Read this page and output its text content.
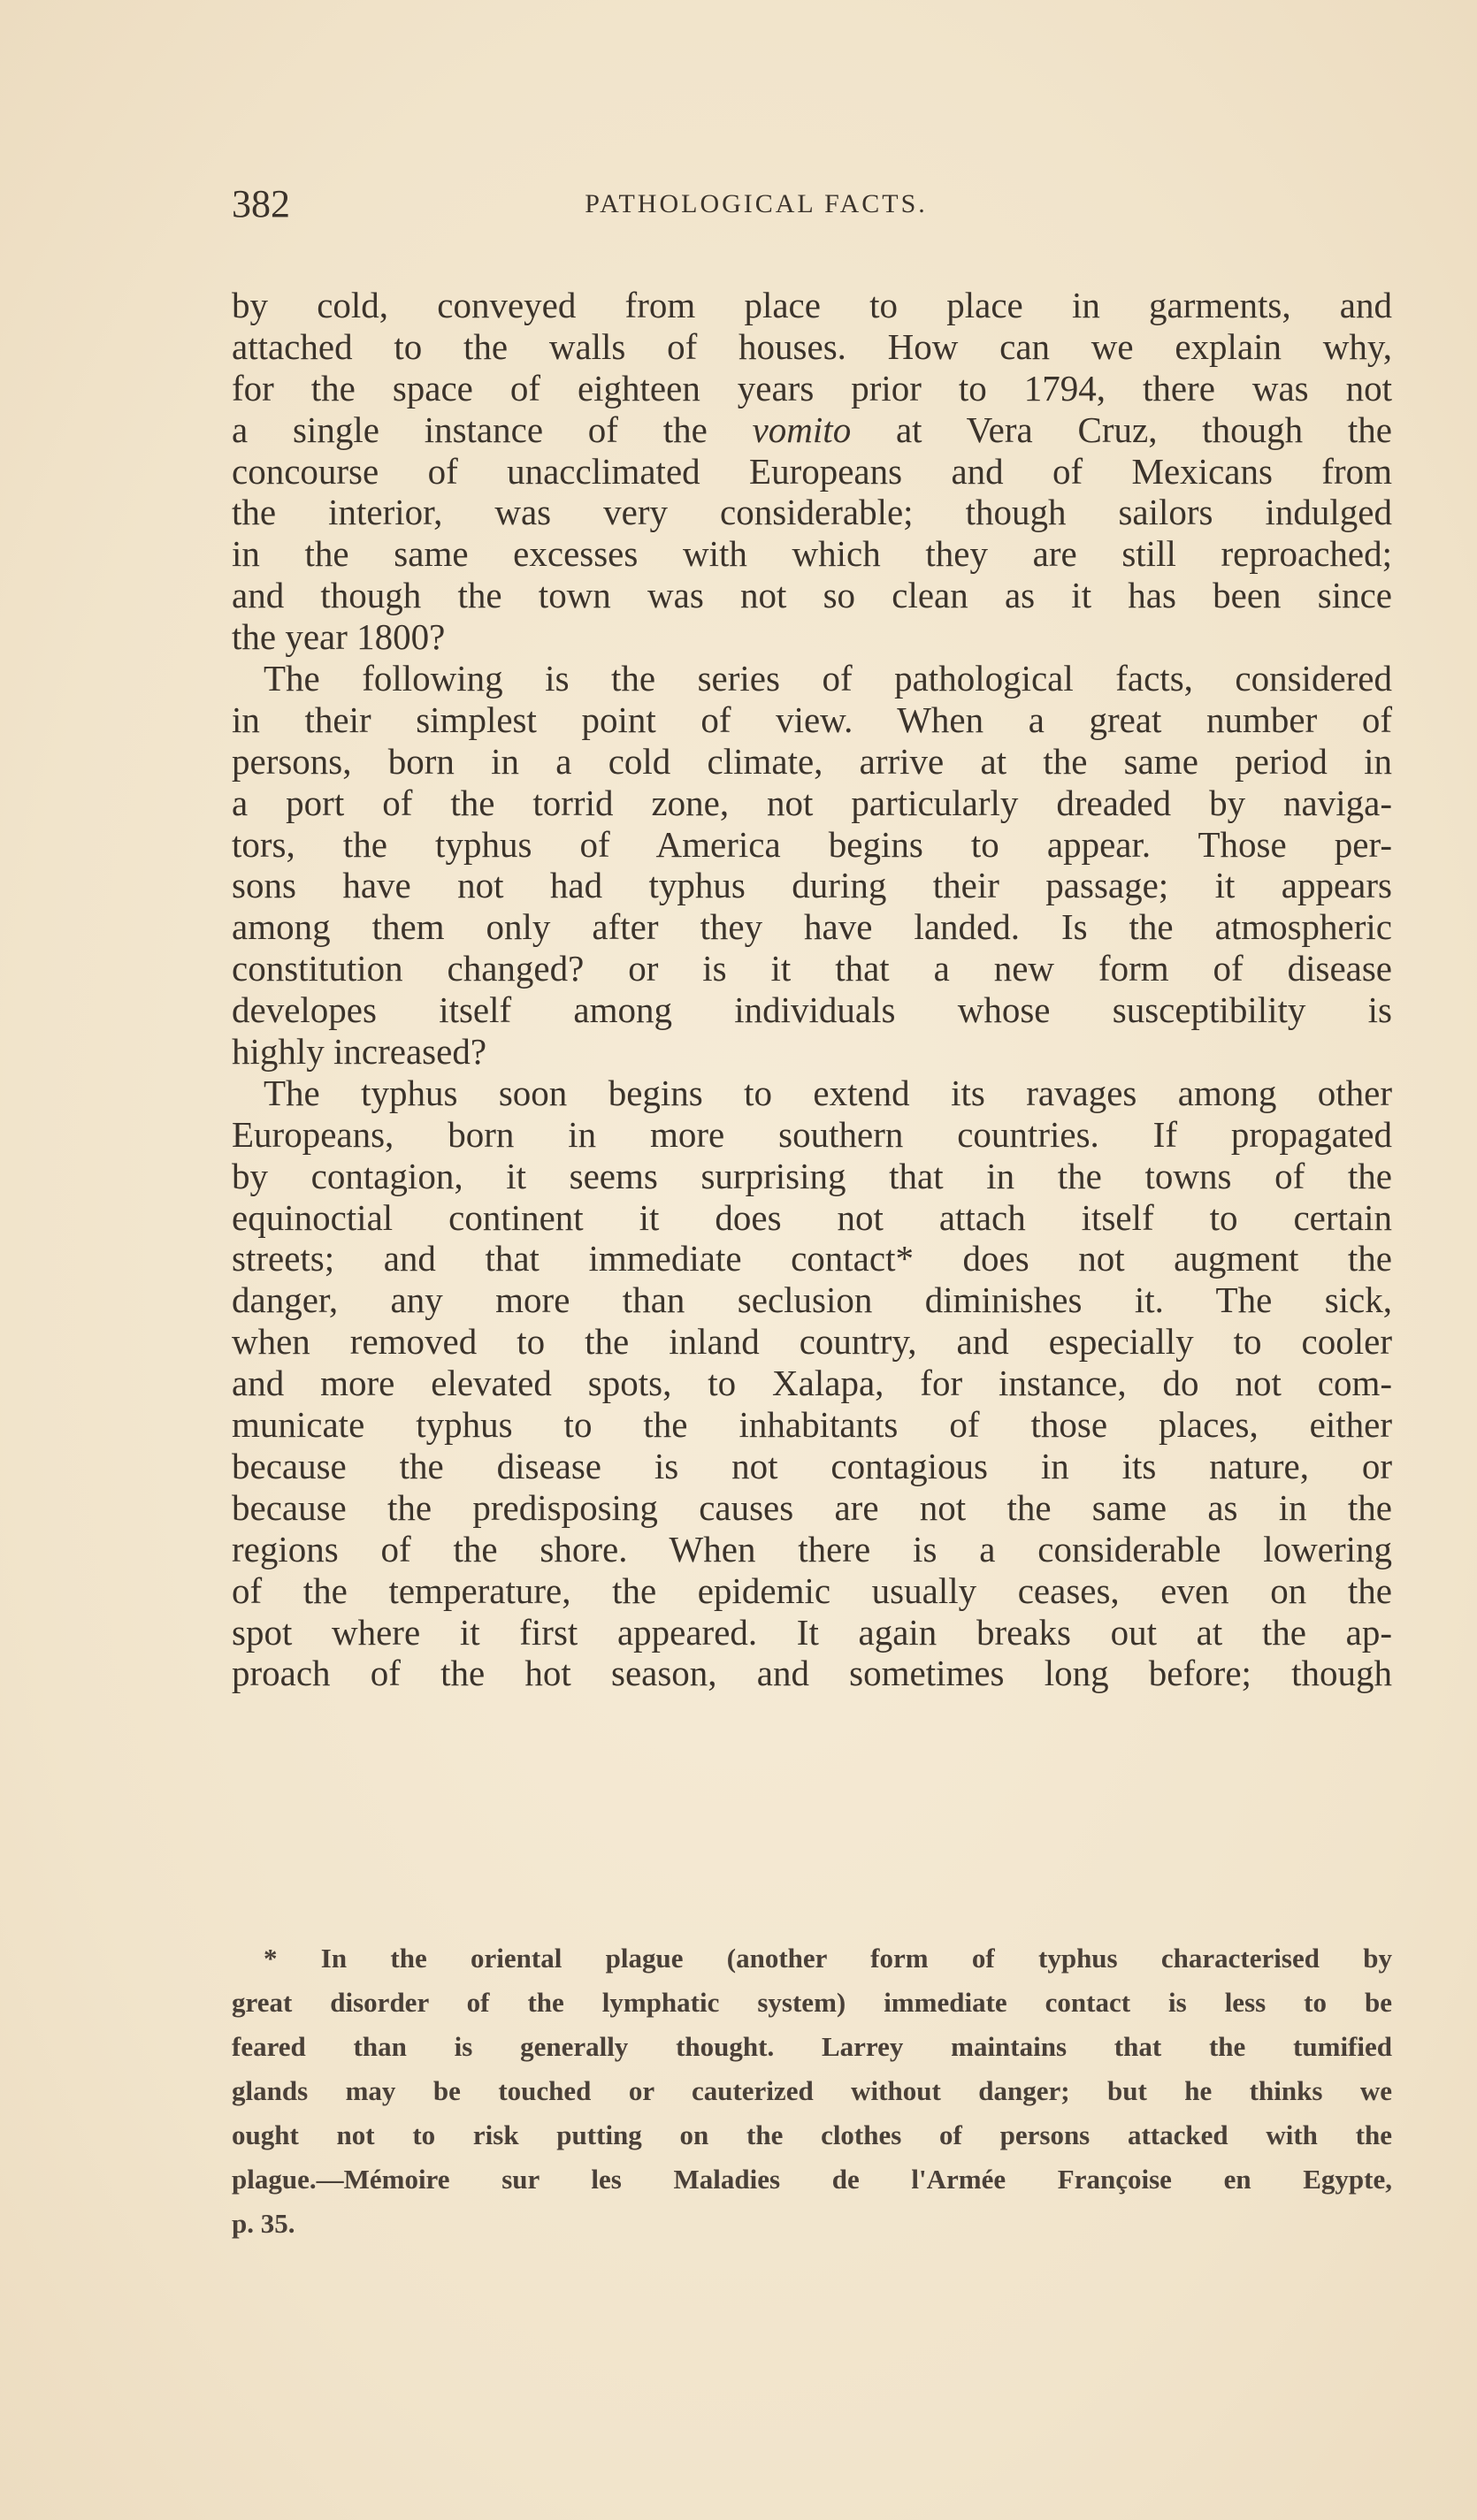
382	PATHOLOGICAL FACTS.
by cold, conveyed from place to place in garments, and
attached to the walls of houses. How can we explain why,
for the space of eighteen years prior to 1794, there was not
a single instance of the vomito at Vera Cruz, though the
concourse of unacclimated Europeans and of Mexicans from
the interior, was very considerable; though sailors indulged
in the same excesses with which they are still reproached;
and though the town was not so clean as it has been since
the year 1800?
The following is the series of pathological facts, considered
in their simplest point of view. When a great number of
persons, born in a cold climate, arrive at the same period in
a port of the torrid zone, not particularly dreaded by naviga-
tors, the typhus of America begins to appear. Those per-
sons have not had typhus during their passage; it appears
among them only after they have landed. Is the atmospheric
constitution changed? or is it that a new form of disease
developes itself among individuals whose susceptibility is
highly increased?
The typhus soon begins to extend its ravages among other
Europeans, born in more southern countries. If propagated
by contagion, it seems surprising that in the towns of the
equinoctial continent it does not attach itself to certain
streets; and that immediate contact* does not augment the
danger, any more than seclusion diminishes it. The sick,
when removed to the inland country, and especially to cooler
and more elevated spots, to Xalapa, for instance, do not com-
municate typhus to the inhabitants of those places, either
because the disease is not contagious in its nature, or
because the predisposing causes are not the same as in the
regions of the shore. When there is a considerable lowering
of the temperature, the epidemic usually ceases, even on the
spot where it first appeared. It again breaks out at the ap-
proach of the hot season, and sometimes long before; though
* In the oriental plague (another form of typhus characterised by
great disorder of the lymphatic system) immediate contact is less to be
feared than is generally thought. Larrey maintains that the tumified
glands may be touched or cauterized without danger; but he thinks we
ought not to risk putting on the clothes of persons attacked with the
plague.—Mémoire sur les Maladies de l'Armée Françoise en Egypte,
p. 35.
